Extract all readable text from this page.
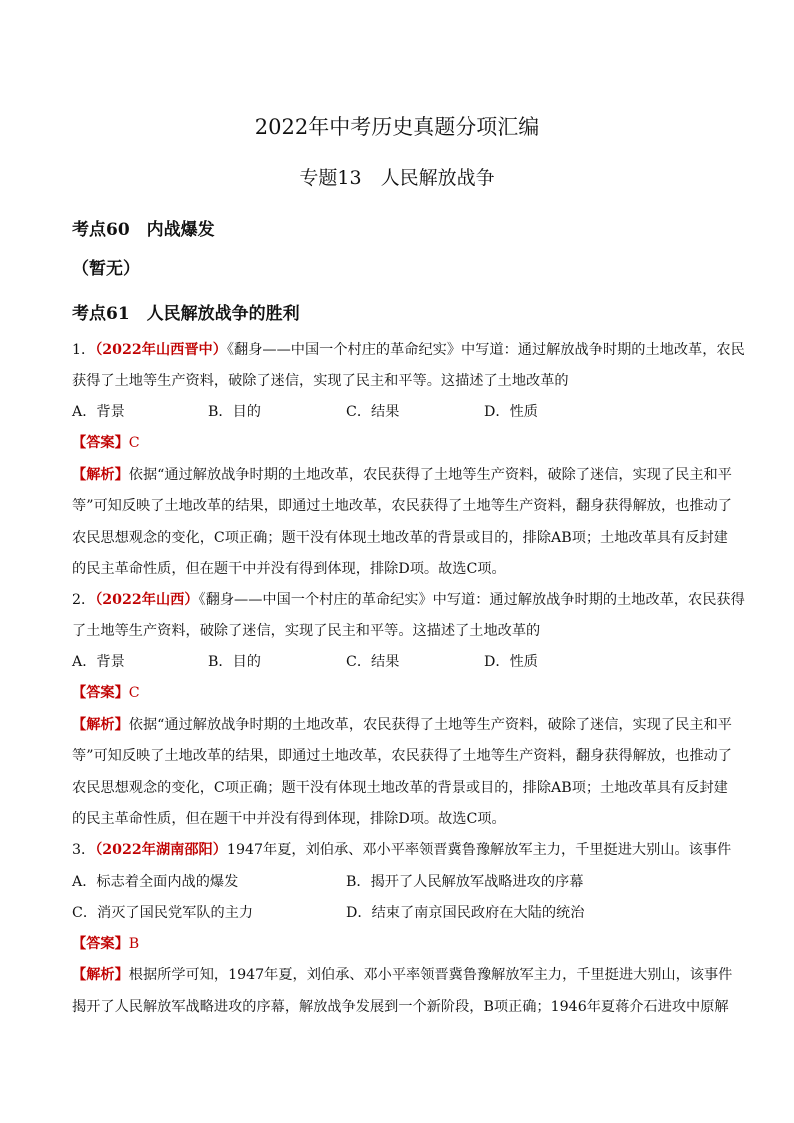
2022年中考历史真题分项汇编
专题13　人民解放战争
考点60　内战爆发
（暂无）
考点61　人民解放战争的胜利
1．（2022年山西晋中）《翻身——中国一个村庄的革命纪实》中写道：通过解放战争时期的土地改革，农民
获得了土地等生产资料，破除了迷信，实现了民主和平等。这描述了土地改革的
A．背景	B．目的	C．结果	D．性质
【答案】C
【解析】依据“通过解放战争时期的土地改革，农民获得了土地等生产资料，破除了迷信，实现了民主和平
等”可知反映了土地改革的结果，即通过土地改革，农民获得了土地等生产资料，翻身获得解放，也推动了
农民思想观念的变化，C项正确；题干没有体现土地改革的背景或目的，排除AB项；土地改革具有反封建
的民主革命性质，但在题干中并没有得到体现，排除D项。故选C项。
2．（2022年山西）《翻身——中国一个村庄的革命纪实》中写道：通过解放战争时期的土地改革，农民获得
了土地等生产资料，破除了迷信，实现了民主和平等。这描述了土地改革的
A．背景	B．目的	C．结果	D．性质
【答案】C
【解析】依据“通过解放战争时期的土地改革，农民获得了土地等生产资料，破除了迷信，实现了民主和平
等”可知反映了土地改革的结果，即通过土地改革，农民获得了土地等生产资料，翻身获得解放，也推动了
农民思想观念的变化，C项正确；题干没有体现土地改革的背景或目的，排除AB项；土地改革具有反封建
的民主革命性质，但在题干中并没有得到体现，排除D项。故选C项。
3．（2022年湖南邵阳）1947年夏，刘伯承、邓小平率领晋冀鲁豫解放军主力，千里挺进大别山。该事件
A．标志着全面内战的爆发	B．揭开了人民解放军战略进攻的序幕
C．消灭了国民党军队的主力	D．结束了南京国民政府在大陆的统治
【答案】B
【解析】根据所学可知，1947年夏，刘伯承、邓小平率领晋冀鲁豫解放军主力，千里挺进大别山，该事件
揭开了人民解放军战略进攻的序幕，解放战争发展到一个新阶段，B项正确；1946年夏蒋介石进攻中原解
